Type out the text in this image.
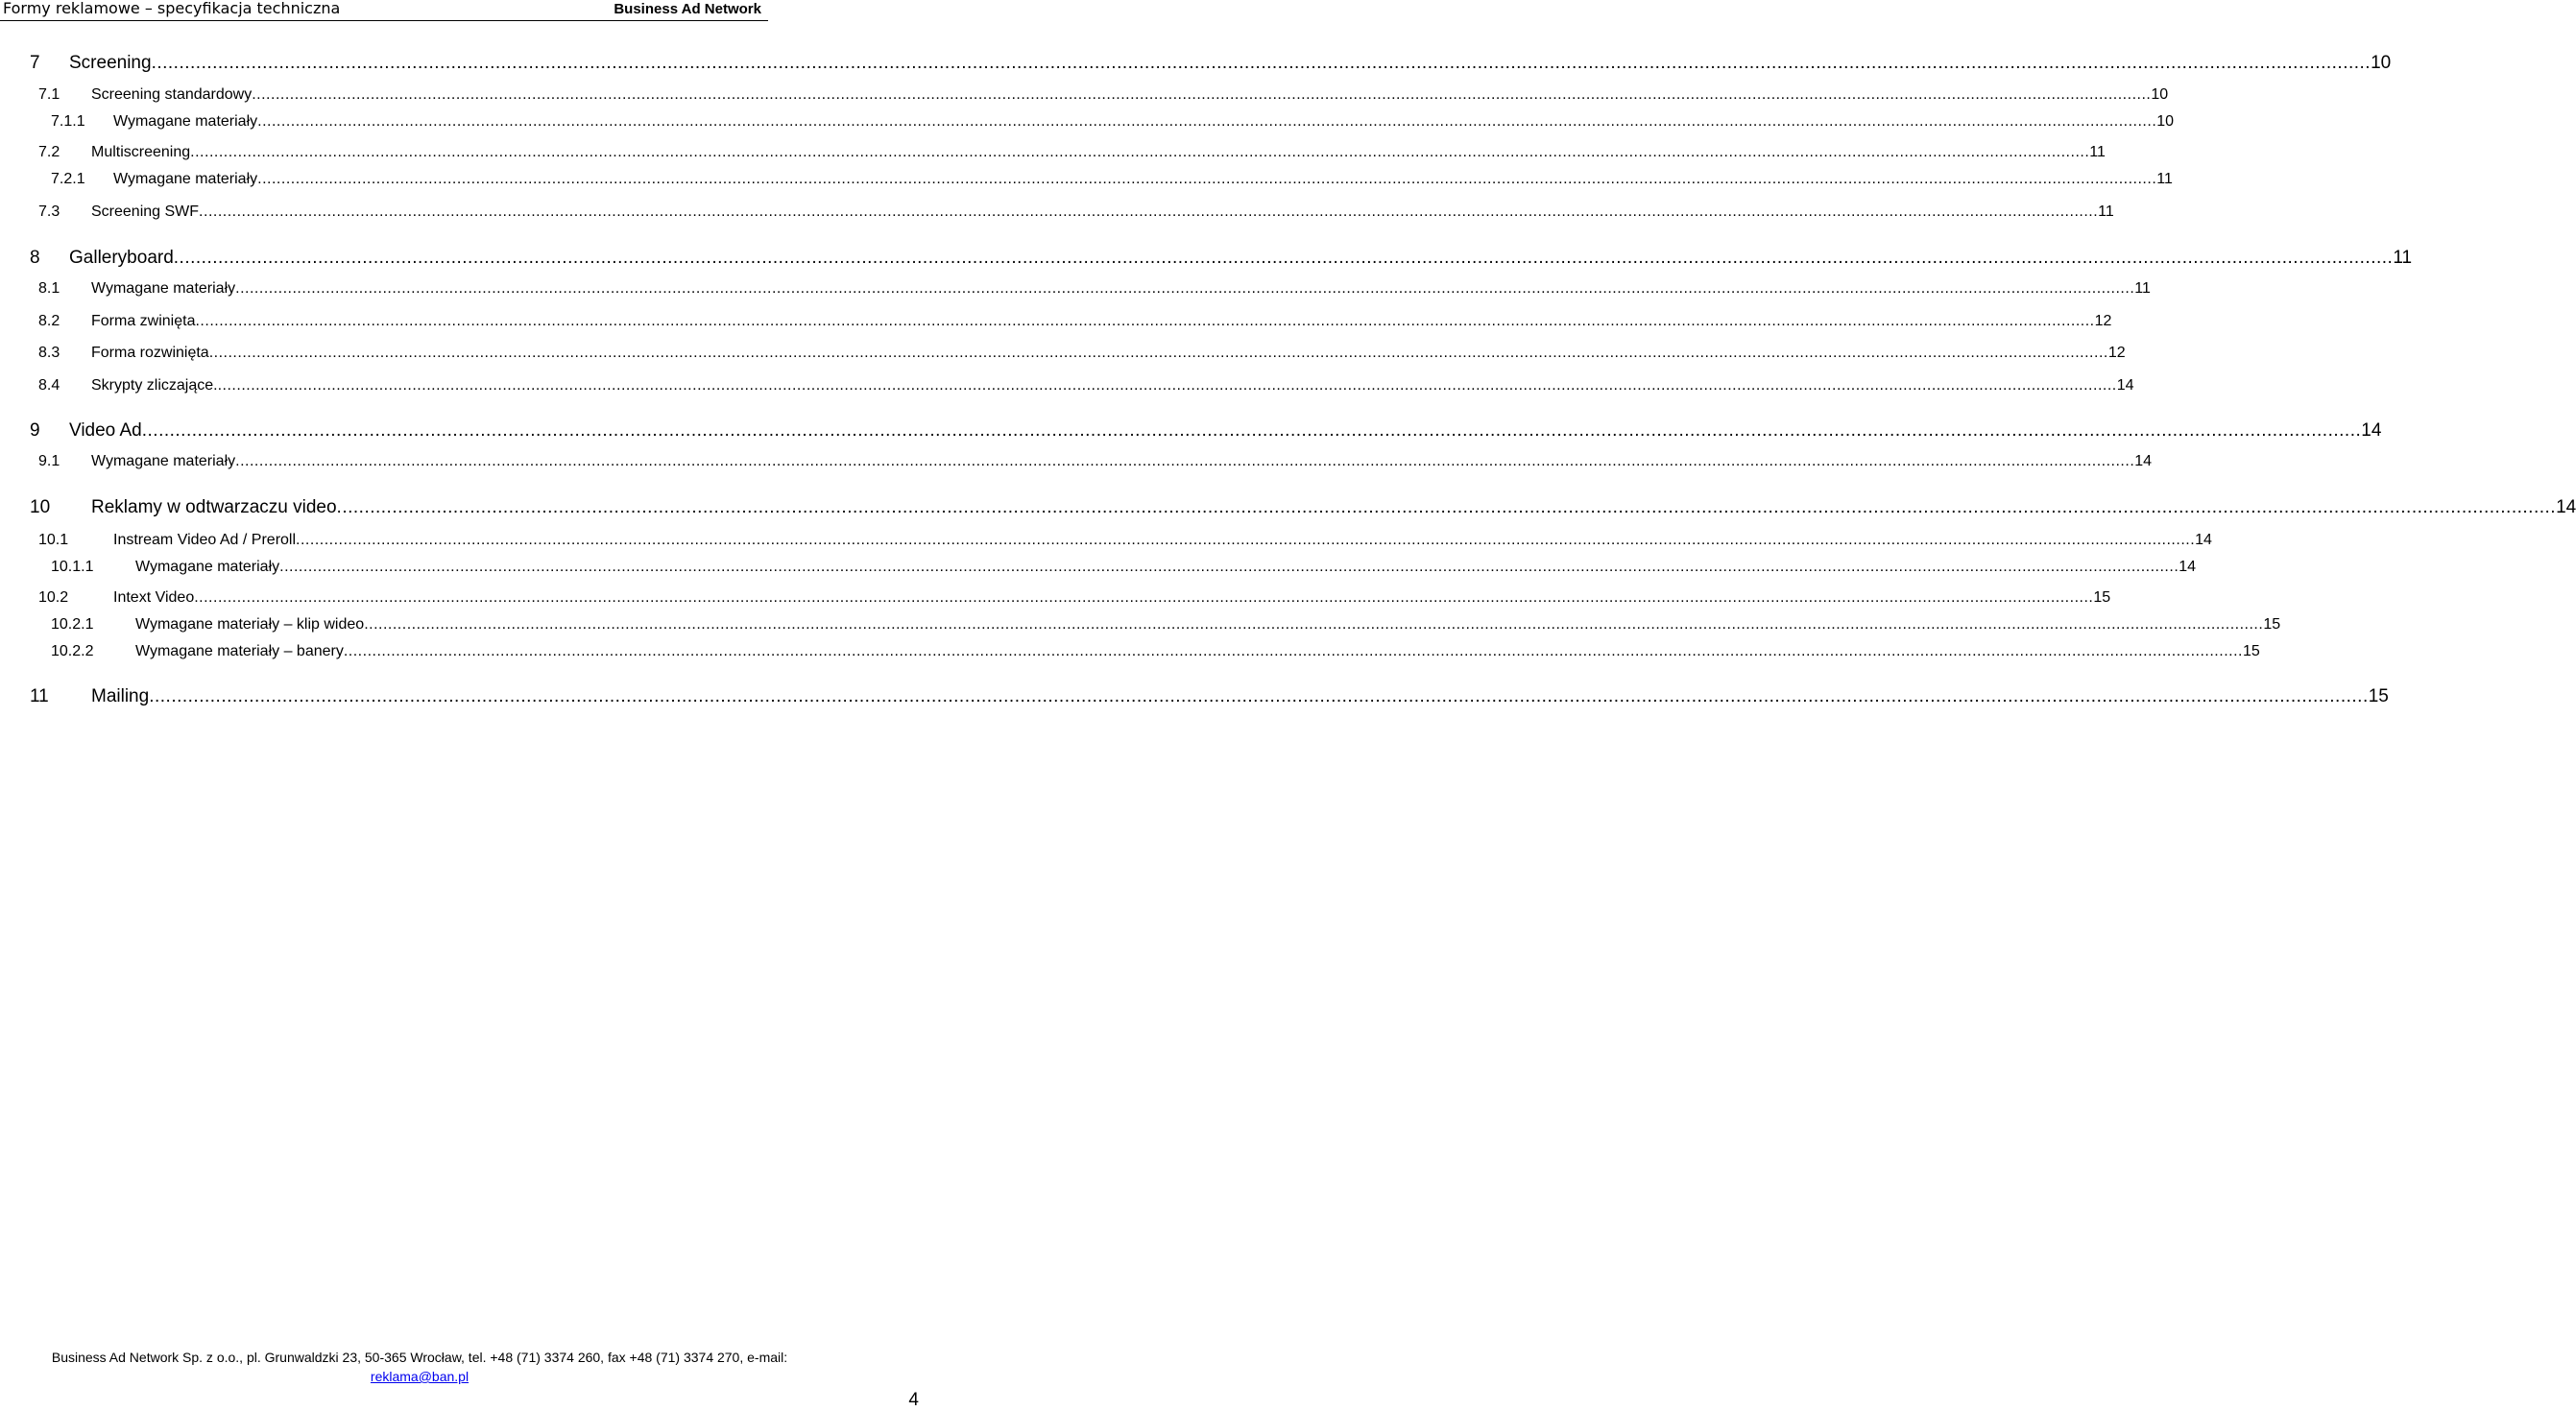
Formy reklamowe – specyfikacja techniczna	Business Ad Network
7 Screening ................................................................................................................................................................................................................................................................................................................................................................................................................ 10
7.1 Screening standardowy ................................................................................................................................................................................................................................................................................................................................................................................................................ 10
7.1.1 Wymagane materiały ................................................................................................................................................................................................................................................................................................................................................................................................................ 10
7.2 Multiscreening ................................................................................................................................................................................................................................................................................................................................................................................................................ 11
7.2.1 Wymagane materiały ................................................................................................................................................................................................................................................................................................................................................................................................................ 11
7.3 Screening SWF ................................................................................................................................................................................................................................................................................................................................................................................................................ 11
8 Galleryboard ................................................................................................................................................................................................................................................................................................................................................................................................................ 11
8.1 Wymagane materiały ................................................................................................................................................................................................................................................................................................................................................................................................................ 11
8.2 Forma zwinięta ................................................................................................................................................................................................................................................................................................................................................................................................................ 12
8.3 Forma rozwinięta ................................................................................................................................................................................................................................................................................................................................................................................................................ 12
8.4 Skrypty zliczające. ................................................................................................................................................................................................................................................................................................................................................................................................................ 14
9 Video Ad ................................................................................................................................................................................................................................................................................................................................................................................................................ 14
9.1 Wymagane materiały ................................................................................................................................................................................................................................................................................................................................................................................................................ 14
10 Reklamy w odtwarzaczu video ................................................................................................................................................................................................................................................................................................................................................................................................................ 14
10.1	Instream Video Ad / Preroll ................................................................................................................................................................................................................................................................................................................................................................................................................ 14
10.1.1	Wymagane materiały ................................................................................................................................................................................................................................................................................................................................................................................................................ 14
10.2	Intext Video ................................................................................................................................................................................................................................................................................................................................................................................................................ 15
10.2.1	Wymagane materiały – klip wideo ................................................................................................................................................................................................................................................................................................................................................................................................................ 15
10.2.2	Wymagane materiały – banery ................................................................................................................................................................................................................................................................................................................................................................................................................ 15
11 Mailing ................................................................................................................................................................................................................................................................................................................................................................................................................ 15
Business Ad Network Sp. z o.o., pl. Grunwaldzki 23, 50-365 Wrocław, tel. +48 (71) 3374 260, fax +48 (71) 3374 270, e-mail:
reklama@ban.pl
4
